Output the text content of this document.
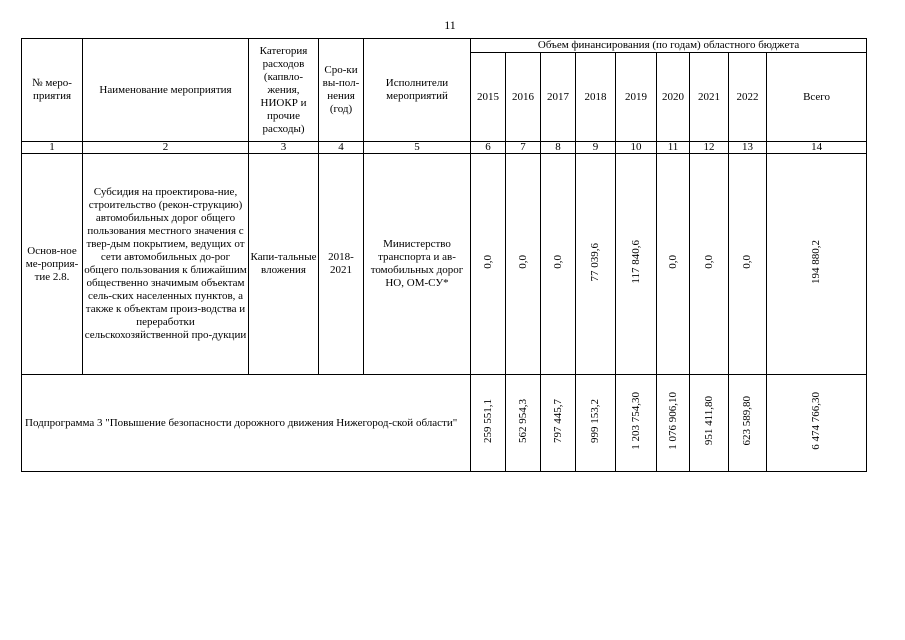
11
№ меро-приятия	Наименование мероприятия	Категория расходов (капвло-жения, НИОКР и прочие расходы)	Сро-ки вы-пол-нения (год)	Исполнители мероприятий	Объем финансирования (по годам) областного бюджета								
					2015	2016	2017	2018	2019	2020	2021	2022	Всего
1	2	3	4	5	6	7	8	9	10	11	12	13	14
Основ-ное ме-роприя-тие 2.8.	Субсидия на проектирова-ние, строительство (рекон-струкцию) автомобильных дорог общего пользования местного значения с твер-дым покрытием, ведущих от сети автомобильных до-рог общего пользования к ближайшим общественно значимым объектам сель-ских населенных пунктов, а также к объектам произ-водства и переработки сельскохозяйственной про-дукции	Капи-тальные вложения	2018-2021	Министерство транспорта и ав-томобильных дорог НО, ОМ-СУ*	0,0	0,0	0,0	77 039,6	117 840,6	0,0	0,0	0,0	194 880,2
Подпрограмма 3 "Повышение безопасности дорожного движения Нижегород-ской области"					259 551,1	562 954,3	797 445,7	999 153,2	1 203 754,30	1 076 906,10	951 411,80	623 589,80	6 474 766,30
